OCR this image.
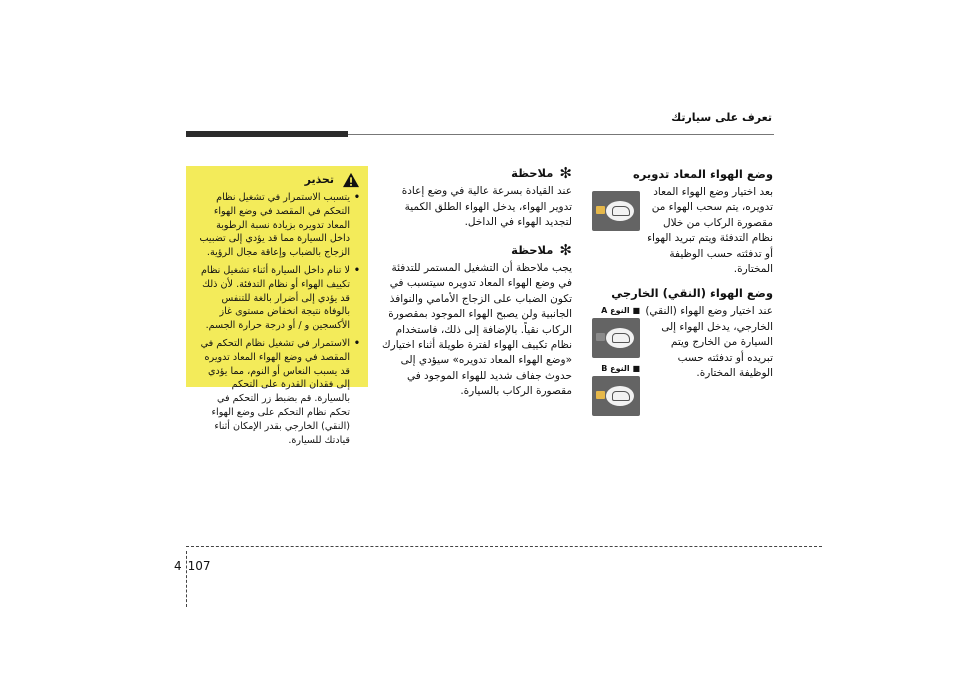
تعرف على سيارتك
وضع الهواء المعاد تدويره

بعد اختيار وضع الهواء المعاد تدويره، يتم سحب الهواء من مقصورة الركاب من خلال نظام التدفئة ويتم تبريد الهواء أو تدفئته حسب الوظيفة المختارة.

وضع الهواء (النقي) الخارجي
■ النوع A
■ النوع B

عند اختيار وضع الهواء (النقي) الخارجي، يدخل الهواء إلى السيارة من الخارج ويتم تبريده أو تدفئته حسب الوظيفة المختارة.

✻
ملاحظة

عند القيادة بسرعة عالية في وضع إعادة تدوير الهواء، يدخل الهواء الطلق الكمية لتجديد الهواء في الداخل.

✻
ملاحظة

يجب ملاحظة أن التشغيل المستمر للتدفئة في وضع الهواء المعاد تدويره سيتسبب في تكون الضباب على الزجاج الأمامي والنوافذ الجانبية ولن يصبح الهواء الموجود بمقصورة الركاب نقياً. بالإضافة إلى ذلك، فاستخدام نظام تكييف الهواء لفترة طويلة أثناء اختيارك «وضع الهواء المعاد تدويره» سيؤدي إلى حدوث جفاف شديد للهواء الموجود في مقصورة الركاب بالسيارة.

تحذير
• يتسبب الاستمرار في تشغيل نظام التحكم في المقصد في وضع الهواء المعاد تدويره بزيادة نسبة الرطوبة داخل السيارة مما قد يؤدي إلى تضبيب الزجاج بالضباب وإعاقة مجال الرؤية.
• لا تنام داخل السيارة أثناء تشغيل نظام تكييف الهواء أو نظام التدفئة. لأن ذلك قد يؤدي إلى أضرار بالغة للتنفس بالوفاة نتيجة انخفاض مستوى غاز الأكسجين و / أو درجة حرارة الجسم.
• الاستمرار في تشغيل نظام التحكم في المقصد في وضع الهواء المعاد تدويره قد يسبب النعاس أو النوم، مما يؤدي إلى فقدان القدرة على التحكم بالسيارة. قم بضبط زر التحكم في تحكم نظام التحكم على وضع الهواء (النقي) الخارجي بقدر الإمكان أثناء قيادتك للسيارة.
4 107
